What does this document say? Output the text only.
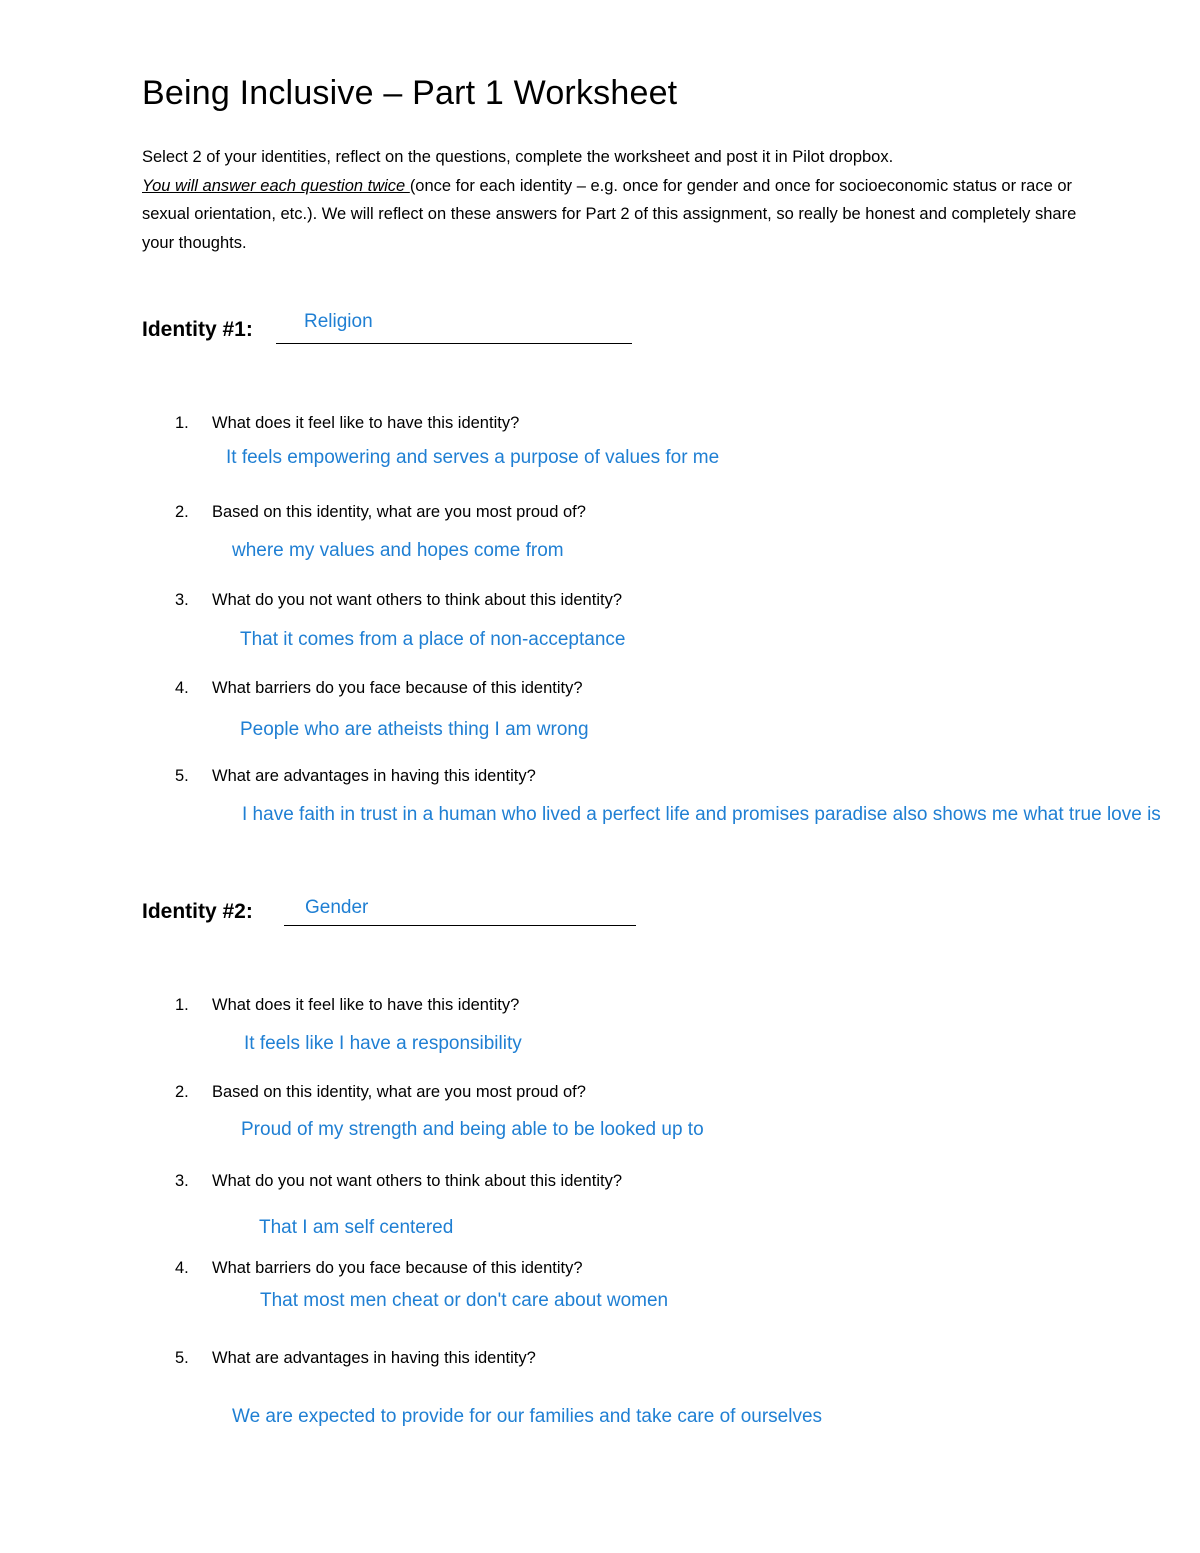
Being Inclusive – Part 1 Worksheet
Select 2 of your identities, reflect on the questions, complete the worksheet and post it in Pilot dropbox.
You will answer each question twice (once for each identity – e.g. once for gender and once for socioeconomic status or race or sexual orientation, etc.). We will reflect on these answers for Part 2 of this assignment, so really be honest and completely share your thoughts.
Identity #1:	Religion
1. What does it feel like to have this identity?
It feels empowering and serves a purpose of values for me
2. Based on this identity, what are you most proud of?
where my values and hopes come from
3. What do you not want others to think about this identity?
That it comes from a place of non-acceptance
4. What barriers do you face because of this identity?
People who are atheists thing I am wrong
5. What are advantages in having this identity?
I have faith in trust in a human who lived a perfect life and promises paradise also shows me what true love is
Identity #2:	Gender
1. What does it feel like to have this identity?
It feels like I have a responsibility
2. Based on this identity, what are you most proud of?
Proud of my strength and being able to be looked up to
3. What do you not want others to think about this identity?
That I am self centered
4. What barriers do you face because of this identity?
That most men cheat or don't care about women
5. What are advantages in having this identity?
We are expected to provide for our families and take care of ourselves
